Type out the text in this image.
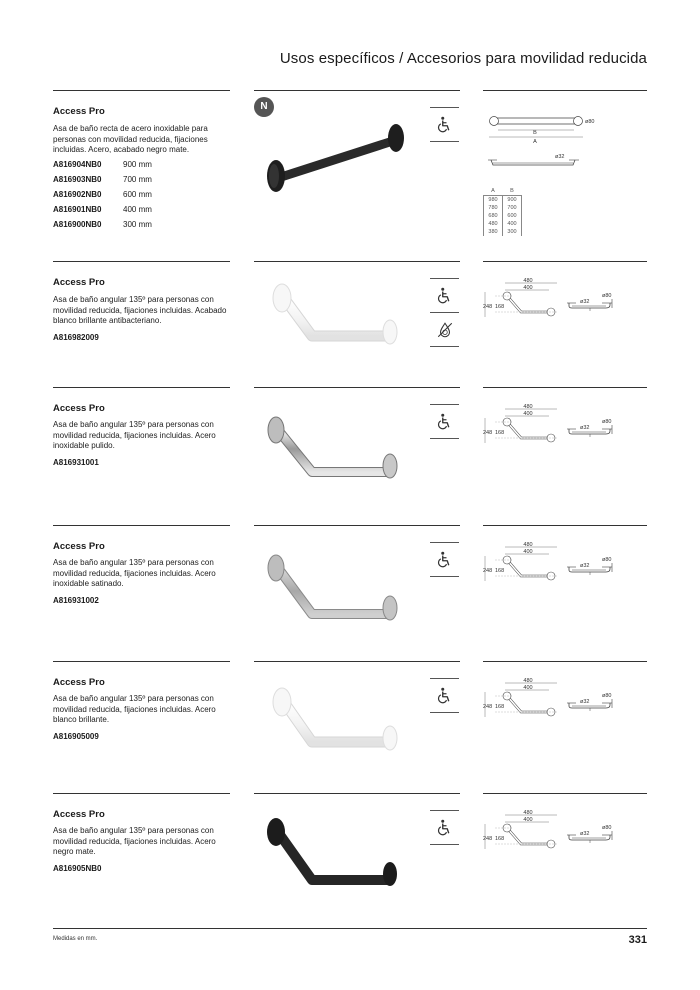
Usos específicos / Accesorios para movilidad reducida
N
Access Pro
Asa de baño recta de acero inoxidable para personas con movilidad reducida, fijaciones incluidas. Acero, acabado negro mate.
A816904NB0	900 mm
A816903NB0	700 mm
A816902NB0	600 mm
A816901NB0	400 mm
A816900NB0	300 mm
B
A
ø80
ø32
A	B
980	900
780	700
680	600
480	400
380	300
Access Pro
Asa de baño angular 135º para personas con movilidad reducida, fijaciones incluidas. Acabado blanco brillante antibacteriano.
A816982009
480
400
248 168
ø32
ø80
Access Pro
Asa de baño angular 135º para personas con movilidad reducida, fijaciones incluidas. Acero inoxidable pulido.
A816931001
480
400
248 168
ø32
ø80
Access Pro
Asa de baño angular 135º para personas con movilidad reducida, fijaciones incluidas. Acero inoxidable satinado.
A816931002
480
400
248 168
ø32
ø80
Access Pro
Asa de baño angular 135º para personas con movilidad reducida, fijaciones incluidas. Acero blanco brillante.
A816905009
480
400
248 168
ø32
ø80
Access Pro
Asa de baño angular 135º para personas con movilidad reducida, fijaciones incluidas. Acero negro mate.
A816905NB0
480
400
248 168
ø32
ø80
Medidas en mm.	331
